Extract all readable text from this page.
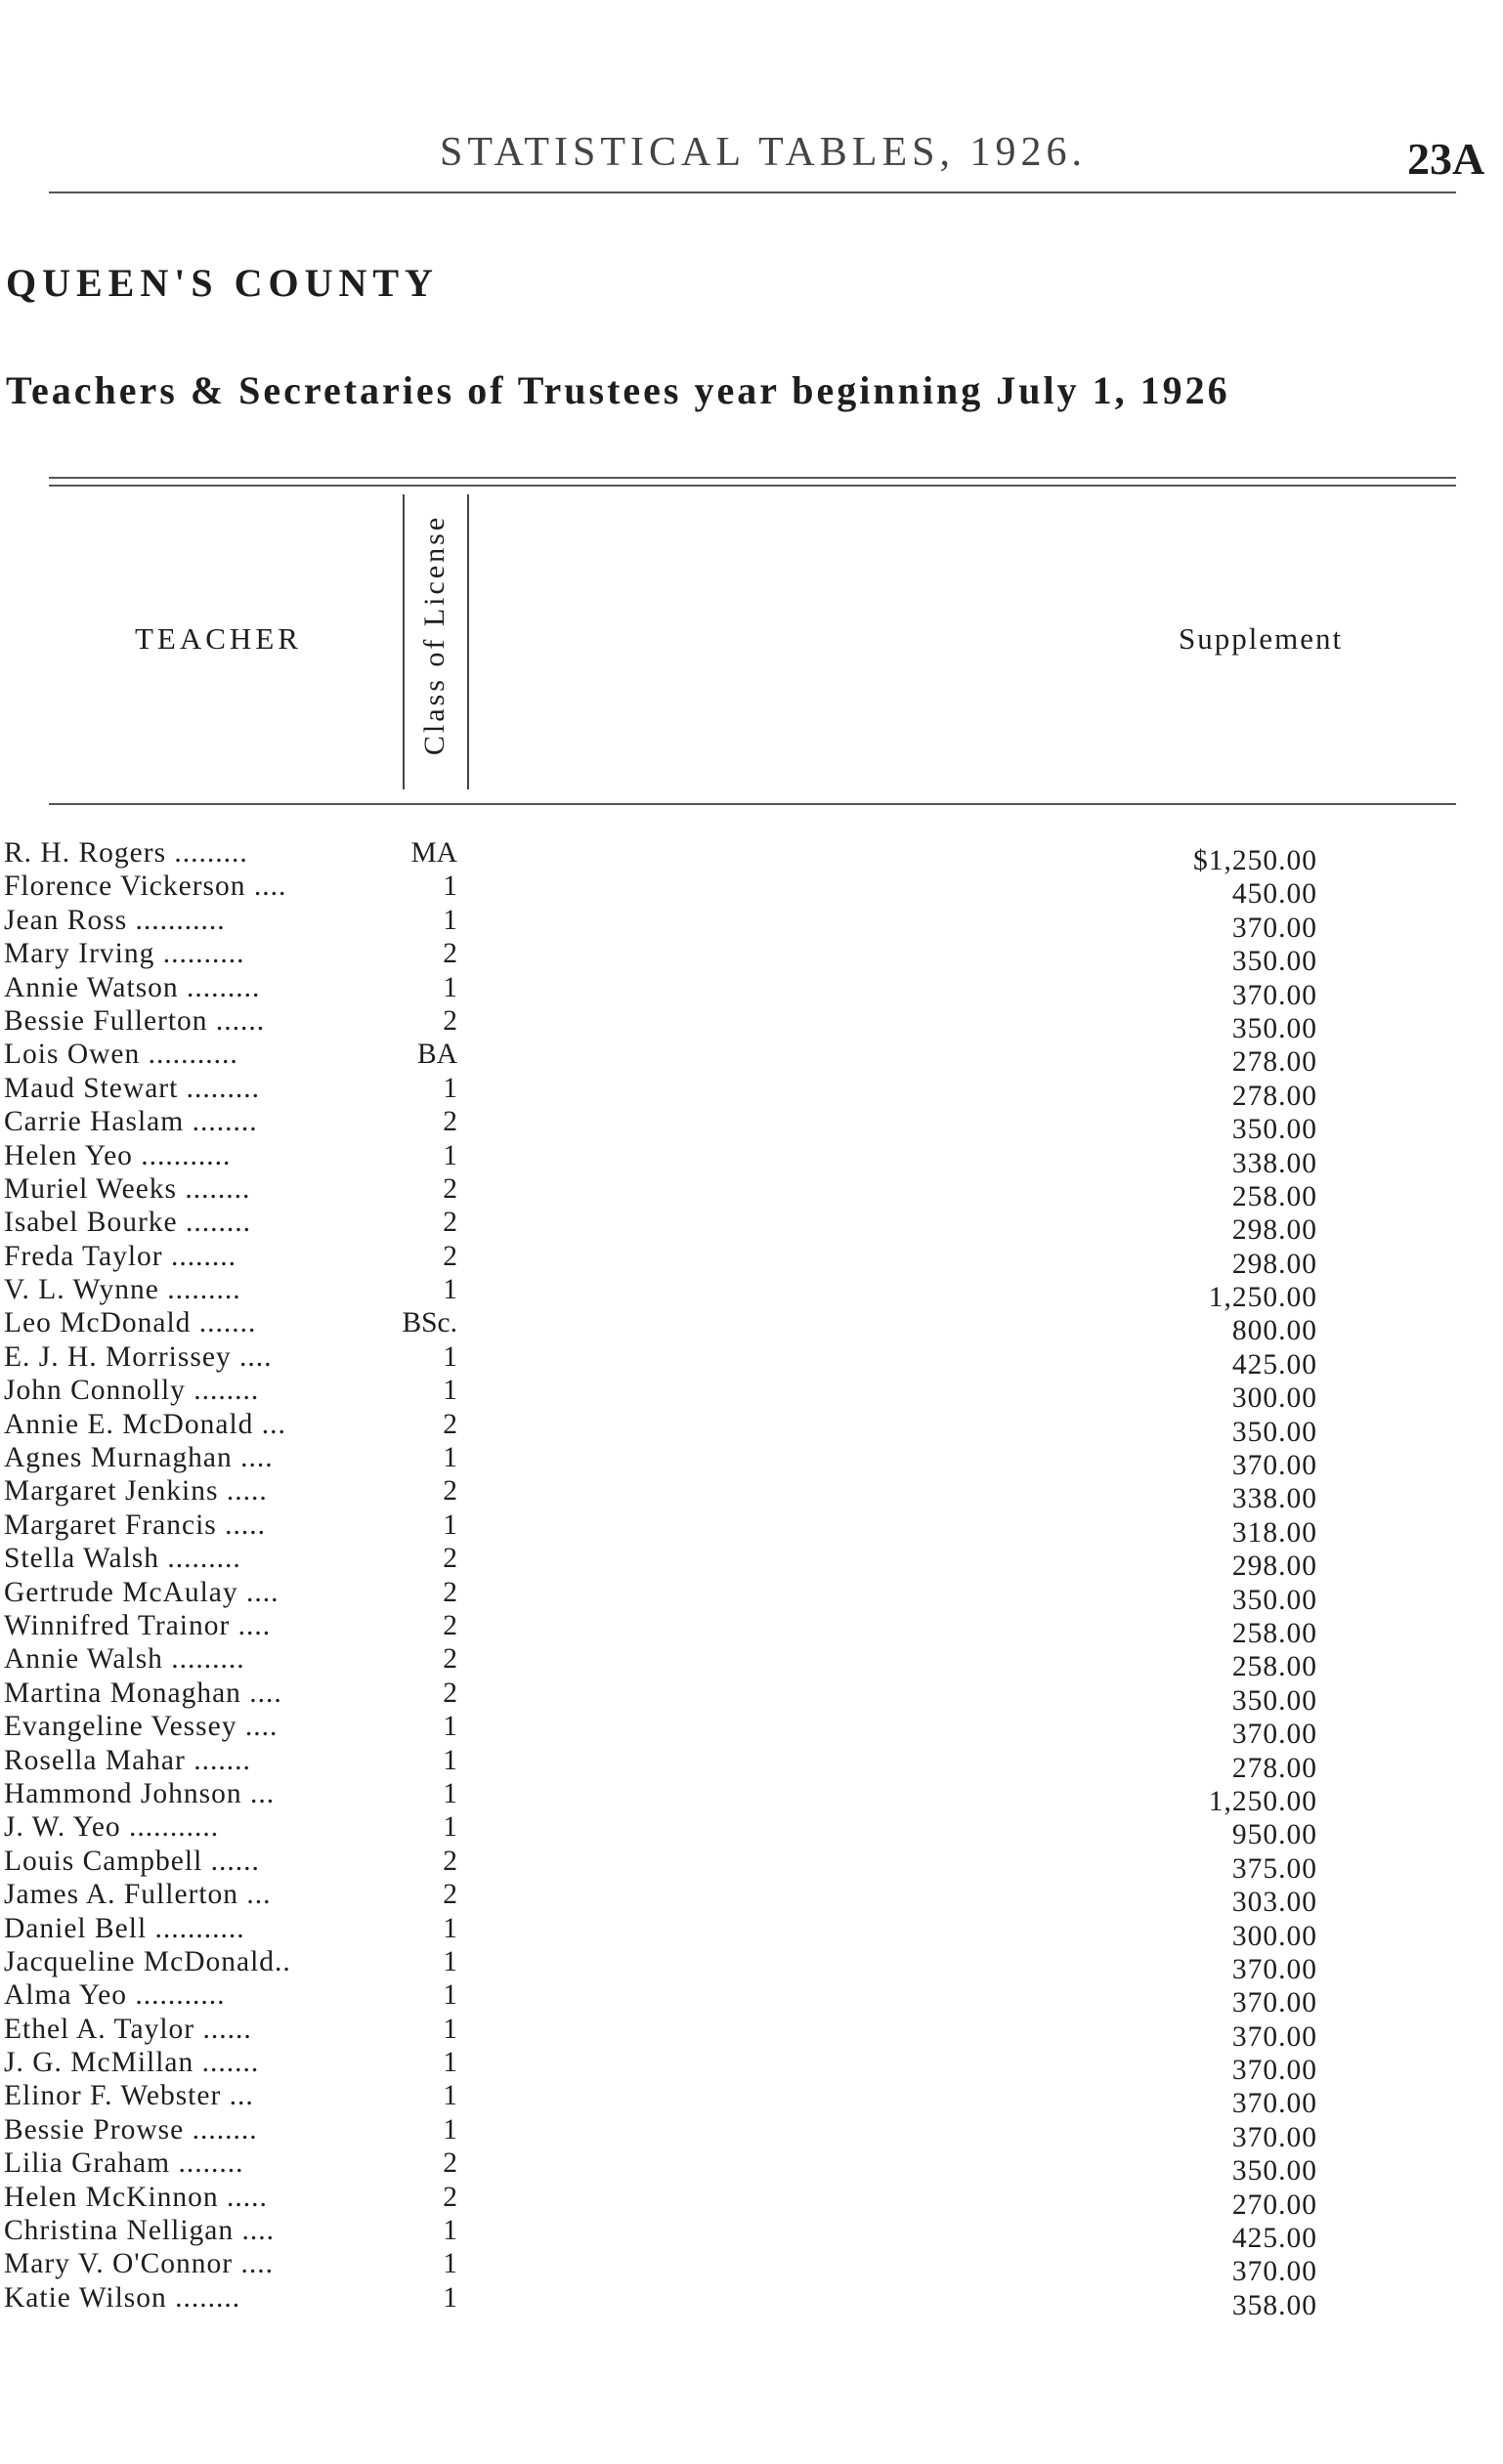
STATISTICAL TABLES, 1926.	23A
QUEEN'S COUNTY
Teachers & Secretaries of Trustees year beginning July 1, 1926
TEACHER	Class of License	Supplement
R. H. Rogers .........	MA	$1,250.00
Florence Vickerson ....	1	450.00
Jean Ross ...........	1	370.00
Mary Irving ..........	2	350.00
Annie Watson .........	1	370.00
Bessie Fullerton ......	2	350.00
Lois Owen ...........	BA	278.00
Maud Stewart .........	1	278.00
Carrie Haslam ........	2	350.00
Helen Yeo ...........	1	338.00
Muriel Weeks ........	2	258.00
Isabel Bourke ........	2	298.00
Freda Taylor ........	2	298.00
V. L. Wynne .........	1	1,250.00
Leo McDonald .......	BSc.	800.00
E. J. H. Morrissey ....	1	425.00
John Connolly ........	1	300.00
Annie E. McDonald ...	2	350.00
Agnes Murnaghan ....	1	370.00
Margaret Jenkins .....	2	338.00
Margaret Francis .....	1	318.00
Stella Walsh .........	2	298.00
Gertrude McAulay ....	2	350.00
Winnifred Trainor ....	2	258.00
Annie Walsh .........	2	258.00
Martina Monaghan ....	2	350.00
Evangeline Vessey ....	1	370.00
Rosella Mahar .......	1	278.00
Hammond Johnson ...	1	1,250.00
J. W. Yeo ...........	1	950.00
Louis Campbell ......	2	375.00
James A. Fullerton ...	2	303.00
Daniel Bell ...........	1	300.00
Jacqueline McDonald..	1	370.00
Alma Yeo ...........	1	370.00
Ethel A. Taylor ......	1	370.00
J. G. McMillan .......	1	370.00
Elinor F. Webster ...	1	370.00
Bessie Prowse ........	1	370.00
Lilia Graham ........	2	350.00
Helen McKinnon .....	2	270.00
Christina Nelligan ....	1	425.00
Mary V. O'Connor ....	1	370.00
Katie Wilson ........	1	358.00
